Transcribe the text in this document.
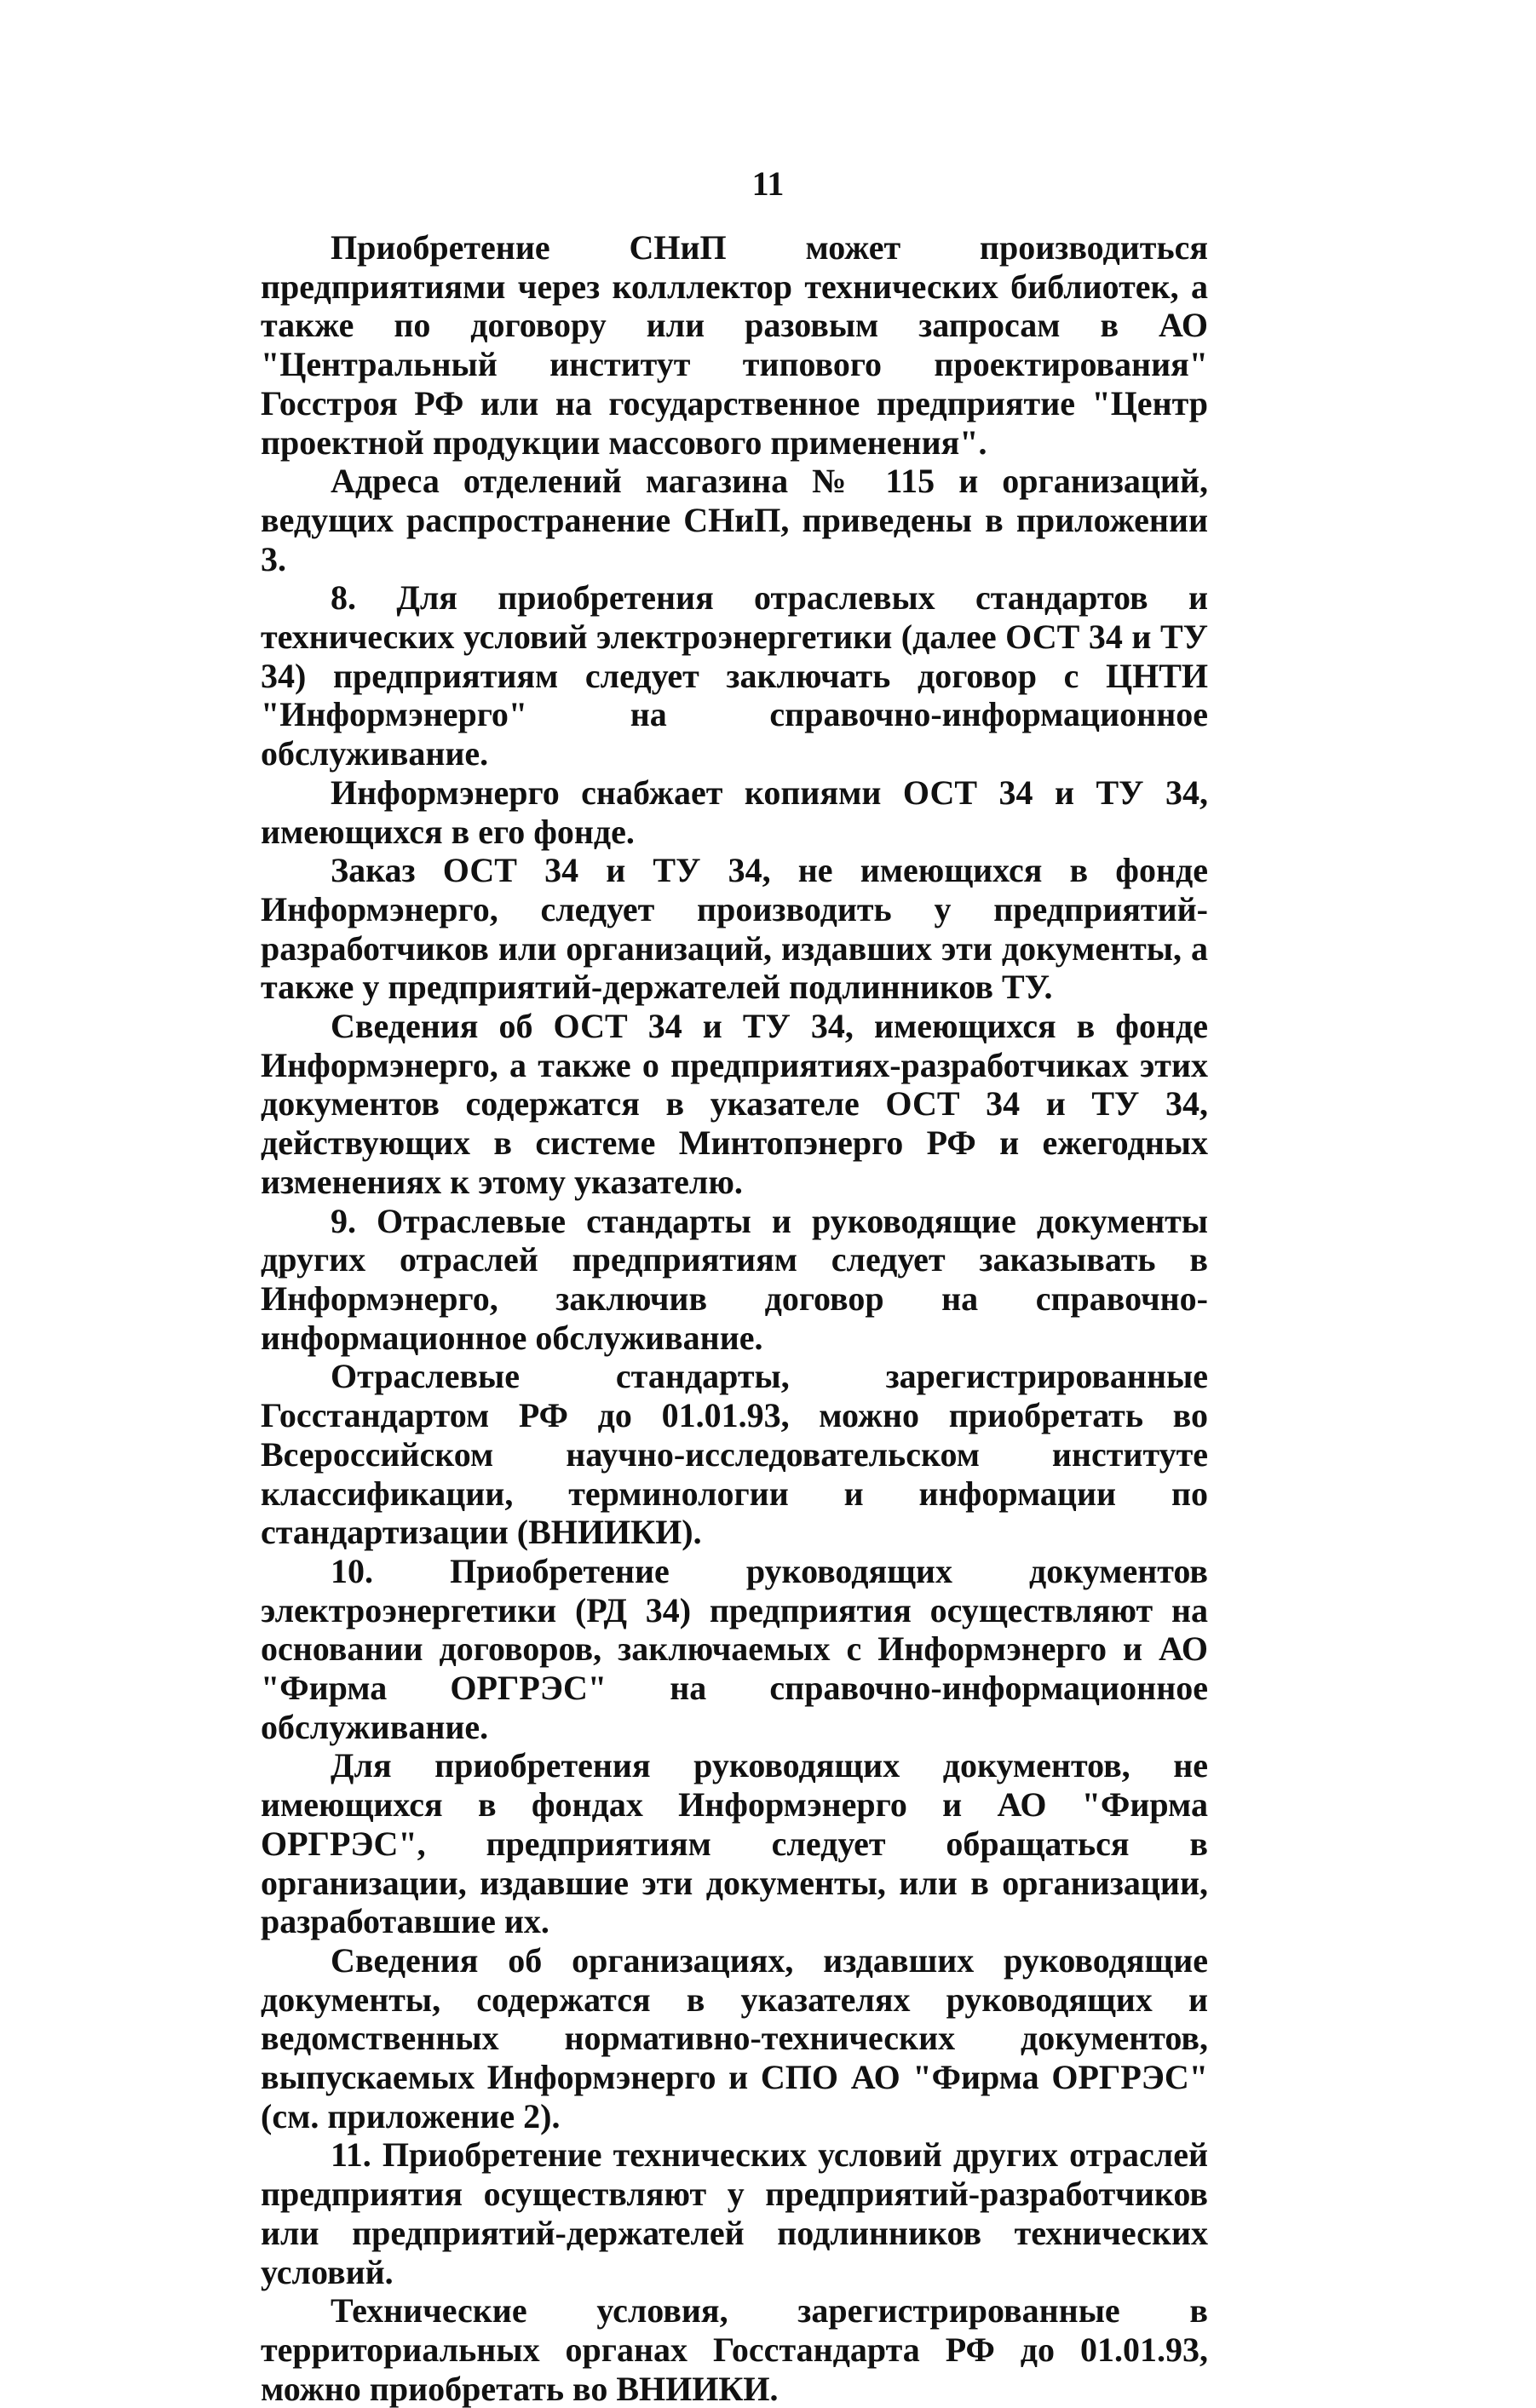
11

Приобретение СНиП может производиться предприятиями через колллектор технических библиотек, а также по договору или разовым запросам в АО "Центральный институт типового проектирования" Госстроя РФ или на государственное предприятие "Центр проектной продукции массового применения".

Адреса отделений магазина № 115 и организаций, ведущих распространение СНиП, приведены в приложении 3.

8. Для приобретения отраслевых стандартов и технических условий электроэнергетики (далее ОСТ 34 и ТУ 34) предприятиям следует заключать договор с ЦНТИ "Информэнерго" на справочно-информационное обслуживание.

Информэнерго снабжает копиями ОСТ 34 и ТУ 34, имеющихся в его фонде.

Заказ ОСТ 34 и ТУ 34, не имеющихся в фонде Информэнерго, следует производить у предприятий-разработчиков или организаций, издавших эти документы, а также у предприятий-держателей подлинников ТУ.

Сведения об ОСТ 34 и ТУ 34, имеющихся в фонде Информэнерго, а также о предприятиях-разработчиках этих документов содержатся в указателе ОСТ 34 и ТУ 34, действующих в системе Минтопэнерго РФ и ежегодных изменениях к этому указателю.

9. Отраслевые стандарты и руководящие документы других отраслей предприятиям следует заказывать в Информэнерго, заключив договор на справочно-информационное обслуживание.

Отраслевые стандарты, зарегистрированные Госстандартом РФ до 01.01.93, можно приобретать во Всероссийском научно-исследовательском институте классификации, терминологии и информации по стандартизации (ВНИИКИ).

10. Приобретение руководящих документов электроэнергетики (РД 34) предприятия осуществляют на основании договоров, заключаемых с Информэнерго и АО "Фирма ОРГРЭС" на справочно-информационное обслуживание.

Для приобретения руководящих документов, не имеющихся в фондах Информэнерго и АО "Фирма ОРГРЭС", предприятиям следует обращаться в организации, издавшие эти документы, или в организации, разработавшие их.

Сведения об организациях, издавших руководящие документы, содержатся в указателях руководящих и ведомственных нормативно-технических документов, выпускаемых Информэнерго и СПО АО "Фирма ОРГРЭС" (см. приложение 2).

11. Приобретение технических условий других отраслей предприятия осуществляют у предприятий-разработчиков или предприятий-держателей подлинников технических условий.

Технические условия, зарегистрированные в территориальных органах Госстандарта РФ до 01.01.93, можно приобретать во ВНИИКИ.
